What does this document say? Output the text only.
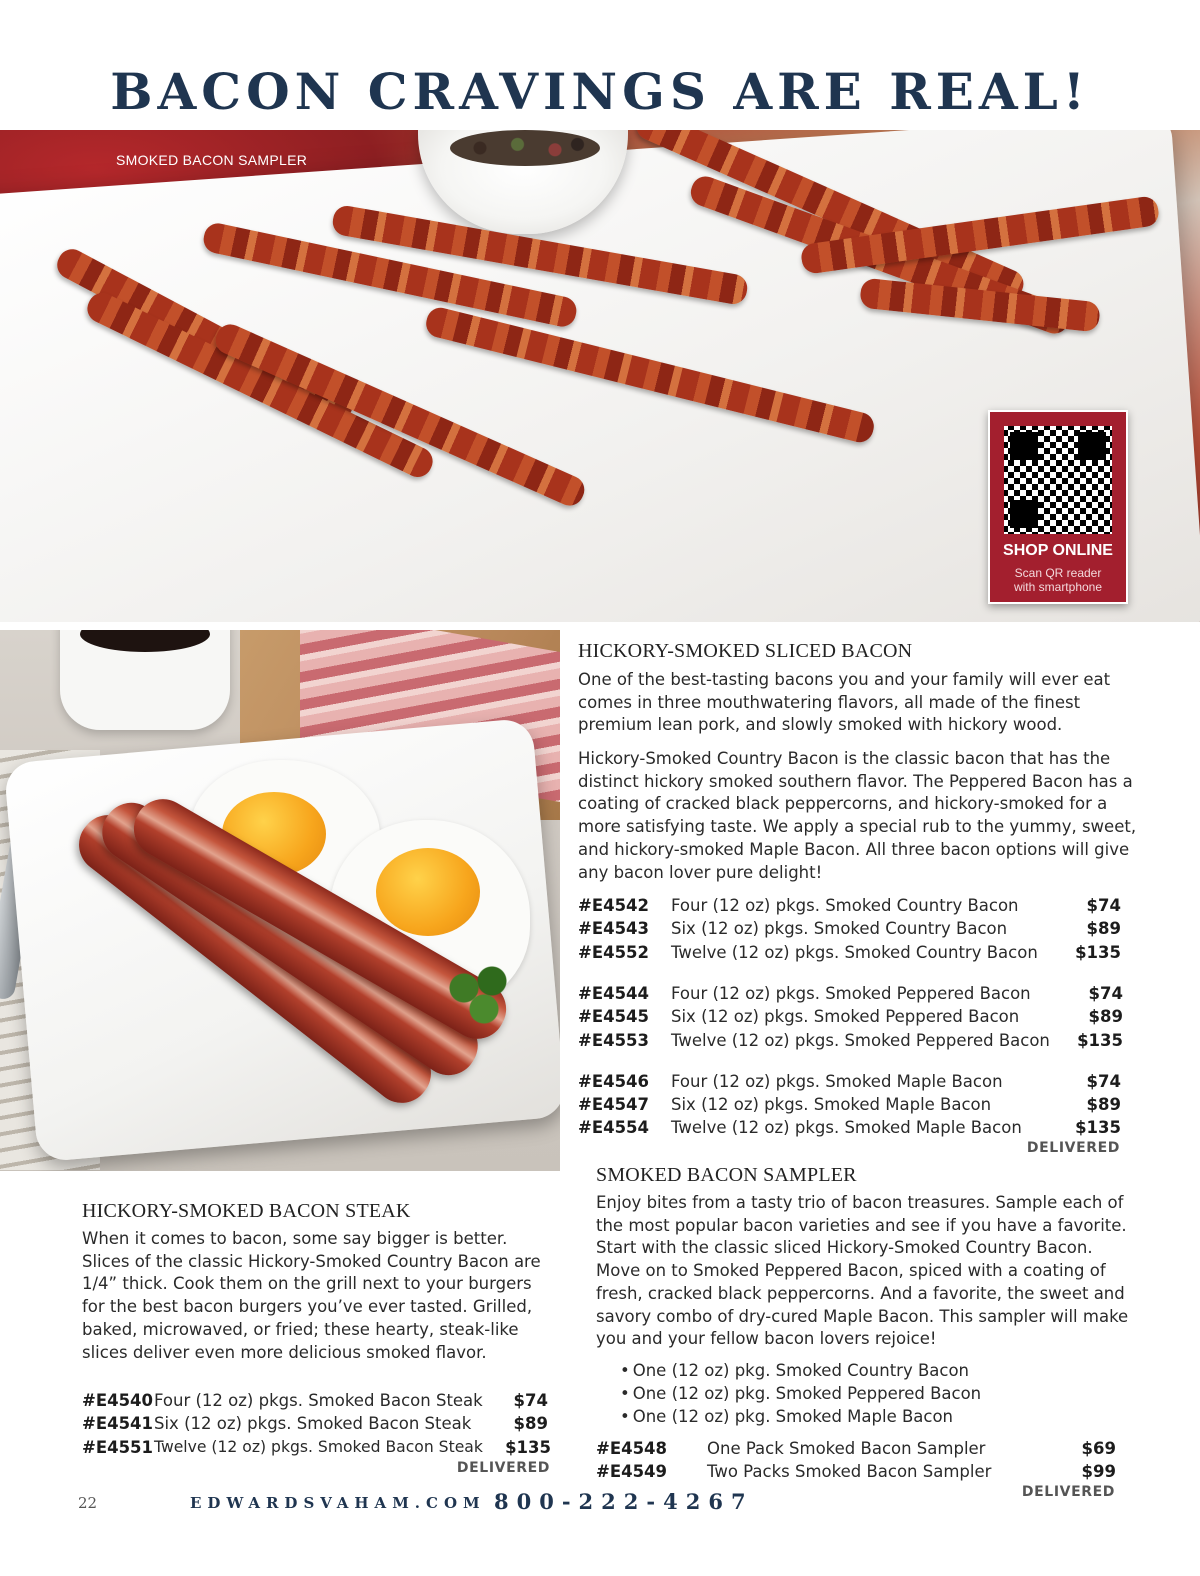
BACON CRAVINGS ARE REAL!
SMOKED BACON SAMPLER
SHOP ONLINE
Scan QR reader
with smartphone
HICKORY-SMOKED SLICED BACON
One of the best-tasting bacons you and your family will ever eat comes in three mouthwatering flavors, all made of the finest premium lean pork, and slowly smoked with hickory wood.
Hickory-Smoked Country Bacon is the classic bacon that has the distinct hickory smoked southern flavor. The Peppered Bacon has a coating of cracked black peppercorns, and hickory-smoked for a more satisfying taste. We apply a special rub to the yummy, sweet, and hickory-smoked Maple Bacon. All three bacon options will give any bacon lover pure delight!
#E4542 Four (12 oz) pkgs. Smoked Country Bacon	$74
#E4543 Six (12 oz) pkgs. Smoked Country Bacon	$89
#E4552 Twelve (12 oz) pkgs. Smoked Country Bacon $135
#E4544 Four (12 oz) pkgs. Smoked Peppered Bacon	$74
#E4545 Six (12 oz) pkgs. Smoked Peppered Bacon	$89
#E4553 Twelve (12 oz) pkgs. Smoked Peppered Bacon $135
#E4546 Four (12 oz) pkgs. Smoked Maple Bacon	$74
#E4547 Six (12 oz) pkgs. Smoked Maple Bacon	$89
#E4554 Twelve (12 oz) pkgs. Smoked Maple Bacon	$135
DELIVERED
SMOKED BACON SAMPLER
Enjoy bites from a tasty trio of bacon treasures. Sample each of the most popular bacon varieties and see if you have a favorite. Start with the classic sliced Hickory-Smoked Country Bacon. Move on to Smoked Peppered Bacon, spiced with a coating of fresh, cracked black peppercorns. And a favorite, the sweet and savory combo of dry-cured Maple Bacon. This sampler will make you and your fellow bacon lovers rejoice!
• One (12 oz) pkg. Smoked Country Bacon
• One (12 oz) pkg. Smoked Peppered Bacon
• One (12 oz) pkg. Smoked Maple Bacon
#E4548 One Pack Smoked Bacon Sampler	$69
#E4549 Two Packs Smoked Bacon Sampler	$99
DELIVERED
HICKORY-SMOKED BACON STEAK
When it comes to bacon, some say bigger is better. Slices of the classic Hickory-Smoked Country Bacon are 1/4” thick. Cook them on the grill next to your burgers for the best bacon burgers you’ve ever tasted. Grilled, baked, microwaved, or fried; these hearty, steak-like slices deliver even more delicious smoked flavor.
#E4540 Four (12 oz) pkgs. Smoked Bacon Steak $74
#E4541 Six (12 oz) pkgs. Smoked Bacon Steak	$89
#E4551 Twelve (12 oz) pkgs. Smoked Bacon Steak $135
DELIVERED
22	EDWARDSVAHAM.COM 800-222-4267
